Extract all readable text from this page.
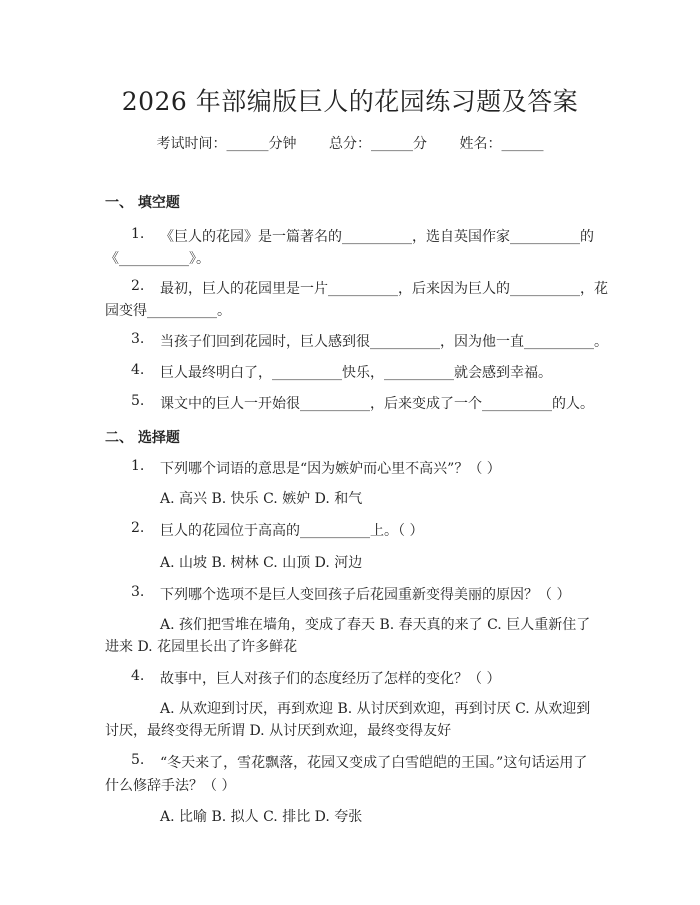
2026 年部编版巨人的花园练习题及答案
考试时间：______分钟 总分：______分 姓名：______
一、 填空题
1. 《巨人的花园》是一篇著名的__________，选自英国作家__________的
《__________》。
2. 最初，巨人的花园里是一片__________，后来因为巨人的__________，花
园变得__________。
3. 当孩子们回到花园时，巨人感到很__________，因为他一直__________。
4. 巨人最终明白了，__________快乐，__________就会感到幸福。
5. 课文中的巨人一开始很__________，后来变成了一个__________的人。
二、 选择题
1. 下列哪个词语的意思是“因为嫉妒而心里不高兴”？（ ）
A. 高兴 B. 快乐 C. 嫉妒 D. 和气
2. 巨人的花园位于高高的__________上。（ ）
A. 山坡 B. 树林 C. 山顶 D. 河边
3. 下列哪个选项不是巨人变回孩子后花园重新变得美丽的原因？（ ）
A. 孩们把雪堆在墙角，变成了春天 B. 春天真的来了 C. 巨人重新住了
进来 D. 花园里长出了许多鲜花
4. 故事中，巨人对孩子们的态度经历了怎样的变化？（ ）
A. 从欢迎到讨厌，再到欢迎 B. 从讨厌到欢迎，再到讨厌 C. 从欢迎到
讨厌，最终变得无所谓 D. 从讨厌到欢迎，最终变得友好
5. “冬天来了，雪花飘落，花园又变成了白雪皑皑的王国。”这句话运用了
什么修辞手法？（ ）
A. 比喻 B. 拟人 C. 排比 D. 夸张
